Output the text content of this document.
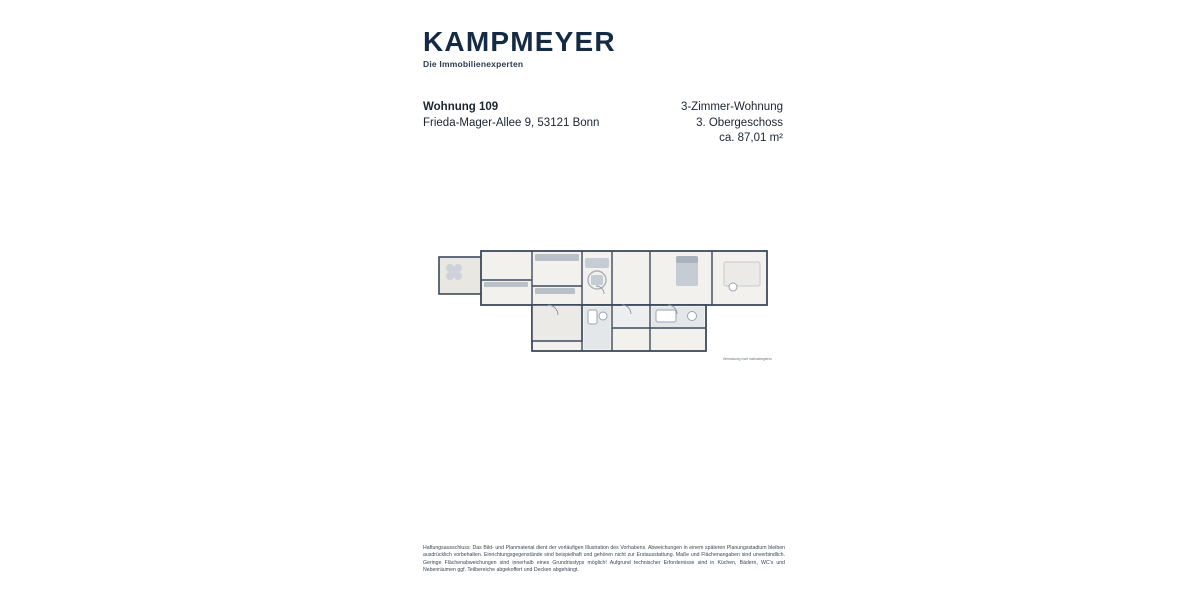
KAMPMEYER
Die Immobilienexperten
Wohnung 109
Frieda-Mager-Allee 9, 53121 Bonn
3-Zimmer-Wohnung
3. Obergeschoss
ca. 87,01 m²
Vermassung nicht maßstabsgetreu
Haftungsausschluss: Das Bild- und Planmaterial dient der vorläufigen Illustration des Vorhabens. Abweichungen in einem späteren Planungsstadium bleiben ausdrücklich vorbehalten. Einrichtungsgegenstände sind beispielhaft und gehören nicht zur Erstausstattung. Maße und Flächenangaben sind unverbindlich. Geringe Flächenabweichungen sind innerhalb eines Grundrisstyps möglich! Aufgrund technischer Erfordernisse sind in Küchen, Bädern, WC's und Nebenräumen ggf. Teilbereiche abgekoffert und Decken abgehängt.
